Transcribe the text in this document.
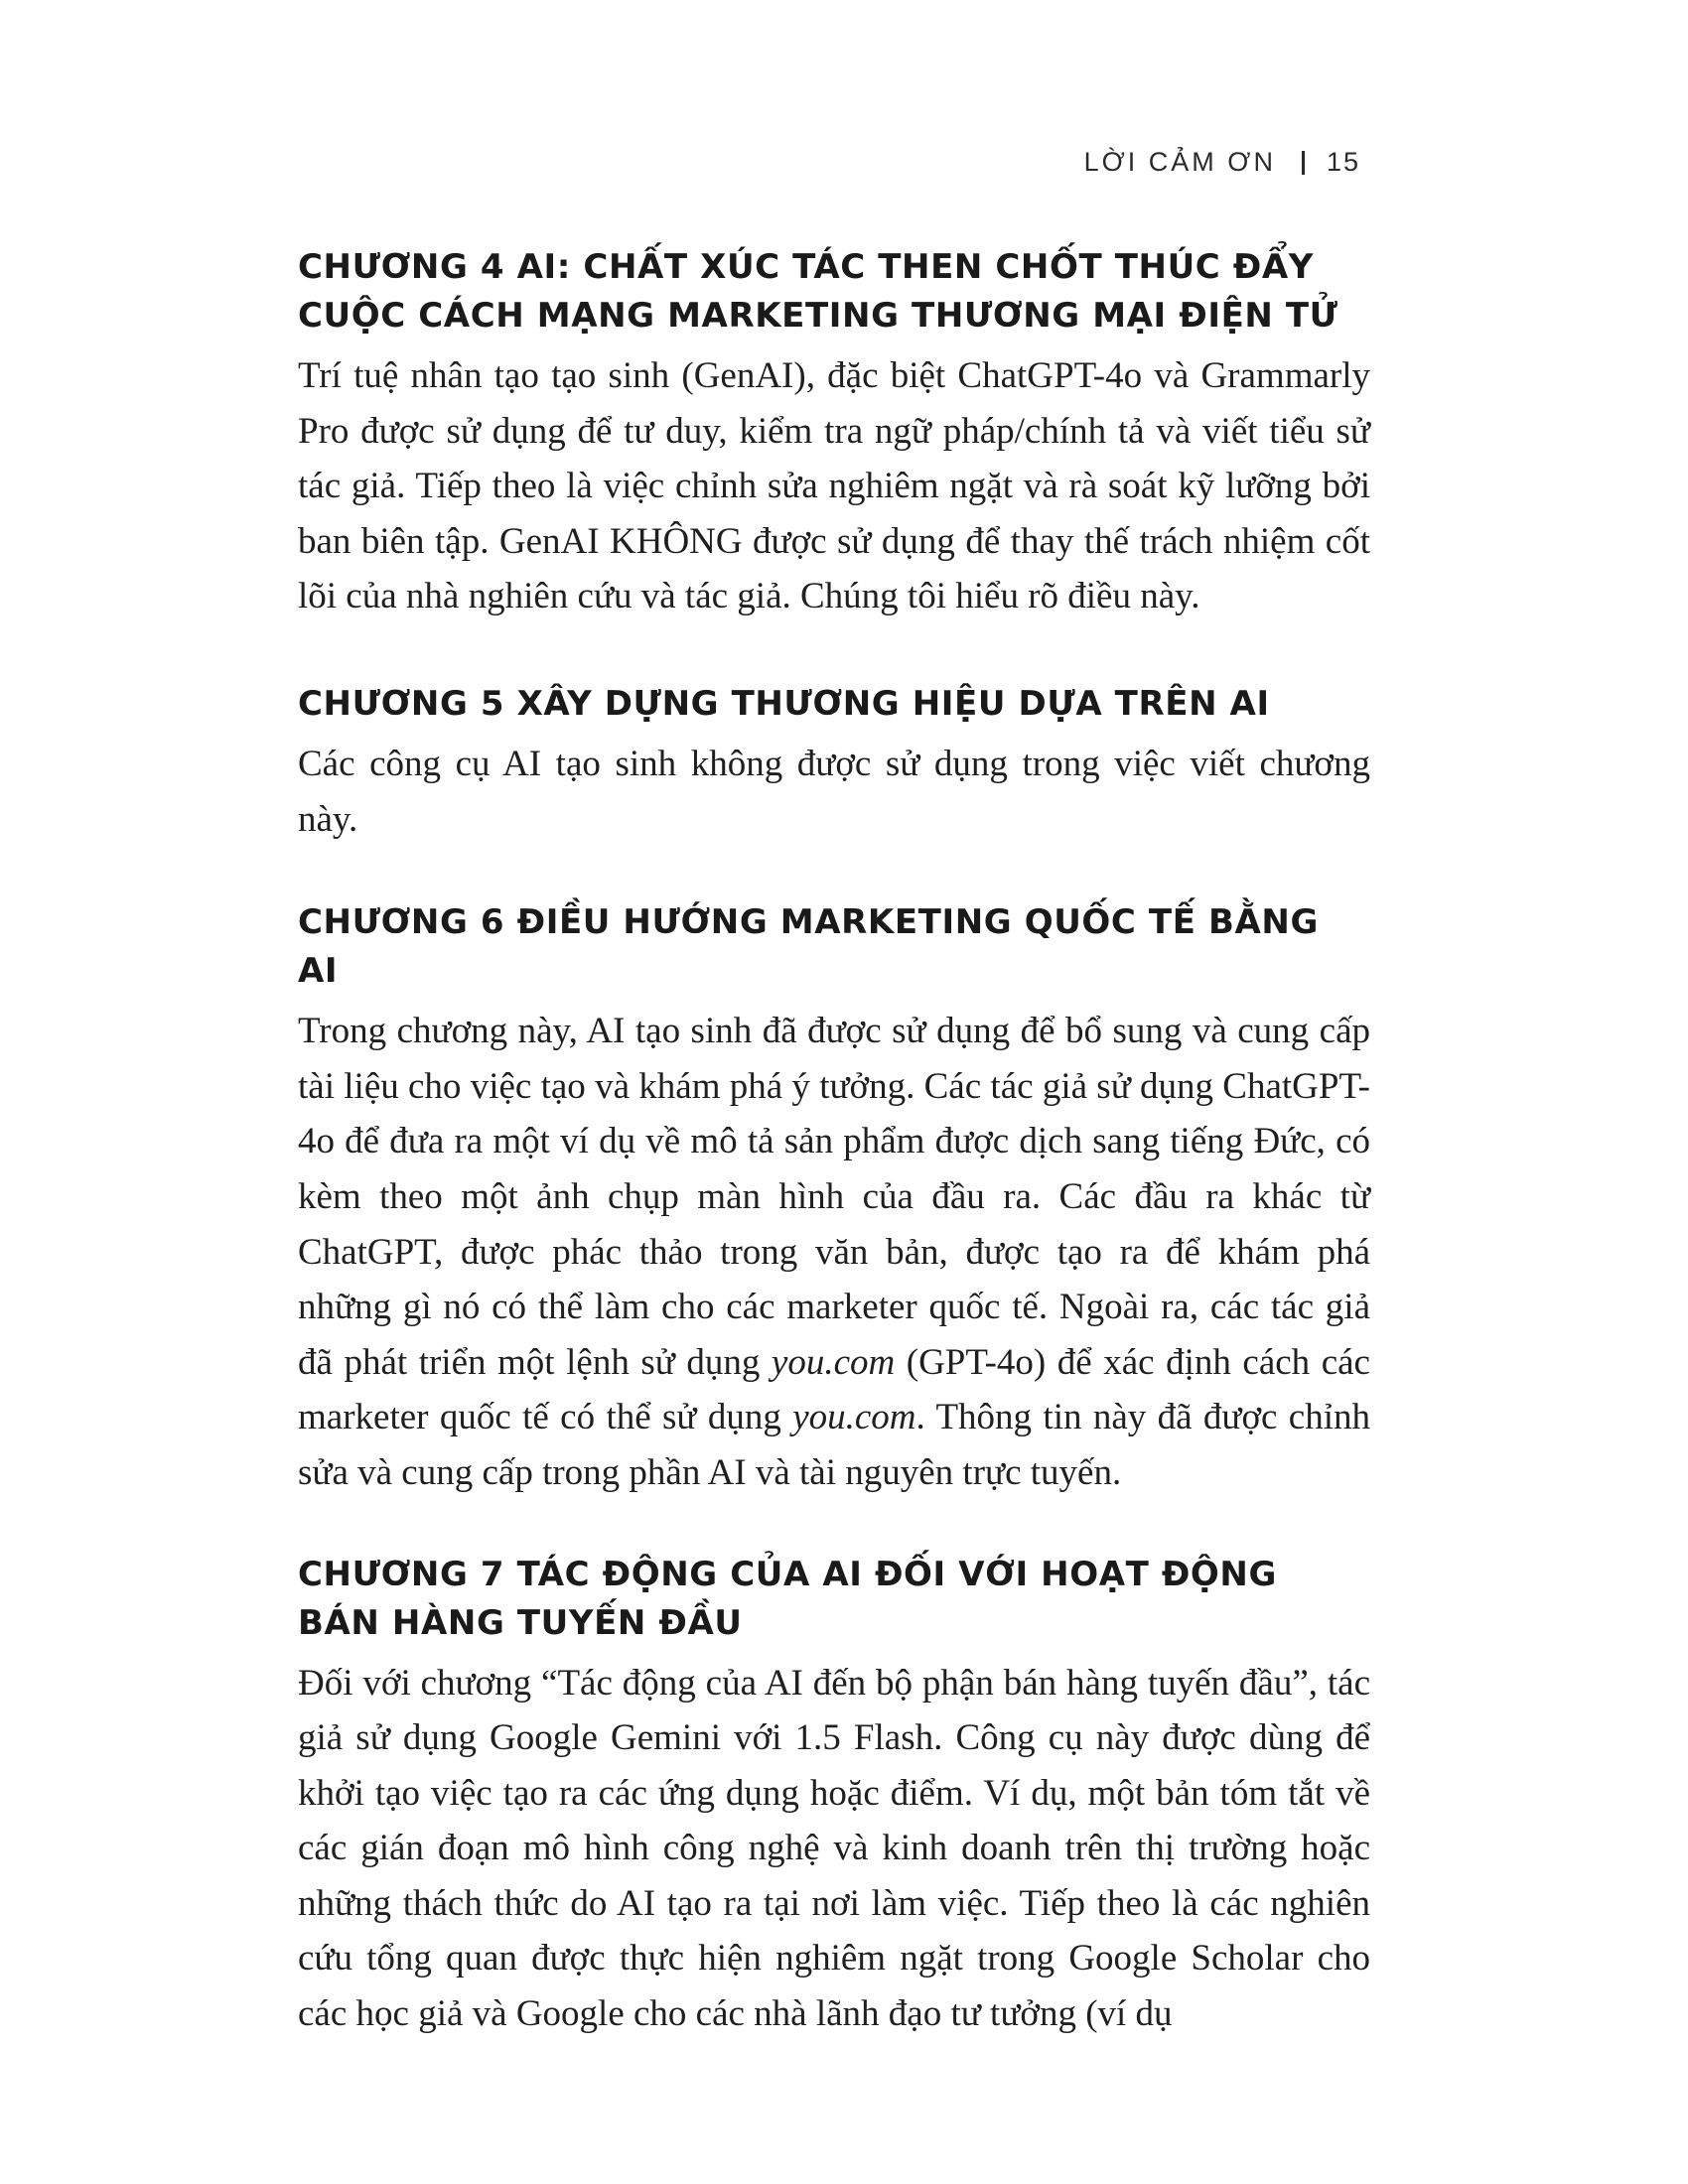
LỜI CẢM ƠN 15
CHƯƠNG 4 AI: CHẤT XÚC TÁC THEN CHỐT THÚC ĐẨY
CUỘC CÁCH MẠNG MARKETING THƯƠNG MẠI ĐIỆN TỬ

Trí tuệ nhân tạo tạo sinh (GenAI), đặc biệt ChatGPT-4o và Grammarly Pro được sử dụng để tư duy, kiểm tra ngữ pháp/chính tả và viết tiểu sử tác giả. Tiếp theo là việc chỉnh sửa nghiêm ngặt và rà soát kỹ lưỡng bởi ban biên tập. GenAI KHÔNG được sử dụng để thay thế trách nhiệm cốt lõi của nhà nghiên cứu và tác giả. Chúng tôi hiểu rõ điều này.

CHƯƠNG 5 XÂY DỰNG THƯƠNG HIỆU DỰA TRÊN AI

Các công cụ AI tạo sinh không được sử dụng trong việc viết chương này.

CHƯƠNG 6 ĐIỀU HƯỚNG MARKETING QUỐC TẾ BẰNG AI

Trong chương này, AI tạo sinh đã được sử dụng để bổ sung và cung cấp tài liệu cho việc tạo và khám phá ý tưởng. Các tác giả sử dụng ChatGPT-4o để đưa ra một ví dụ về mô tả sản phẩm được dịch sang tiếng Đức, có kèm theo một ảnh chụp màn hình của đầu ra. Các đầu ra khác từ ChatGPT, được phác thảo trong văn bản, được tạo ra để khám phá những gì nó có thể làm cho các marketer quốc tế. Ngoài ra, các tác giả đã phát triển một lệnh sử dụng you.com (GPT-4o) để xác định cách các marketer quốc tế có thể sử dụng you.com. Thông tin này đã được chỉnh sửa và cung cấp trong phần AI và tài nguyên trực tuyến.

CHƯƠNG 7 TÁC ĐỘNG CỦA AI ĐỐI VỚI HOẠT ĐỘNG
BÁN HÀNG TUYẾN ĐẦU

Đối với chương “Tác động của AI đến bộ phận bán hàng tuyến đầu”, tác giả sử dụng Google Gemini với 1.5 Flash. Công cụ này được dùng để khởi tạo việc tạo ra các ứng dụng hoặc điểm. Ví dụ, một bản tóm tắt về các gián đoạn mô hình công nghệ và kinh doanh trên thị trường hoặc những thách thức do AI tạo ra tại nơi làm việc. Tiếp theo là các nghiên cứu tổng quan được thực hiện nghiêm ngặt trong Google Scholar cho các học giả và Google cho các nhà lãnh đạo tư tưởng (ví dụ
